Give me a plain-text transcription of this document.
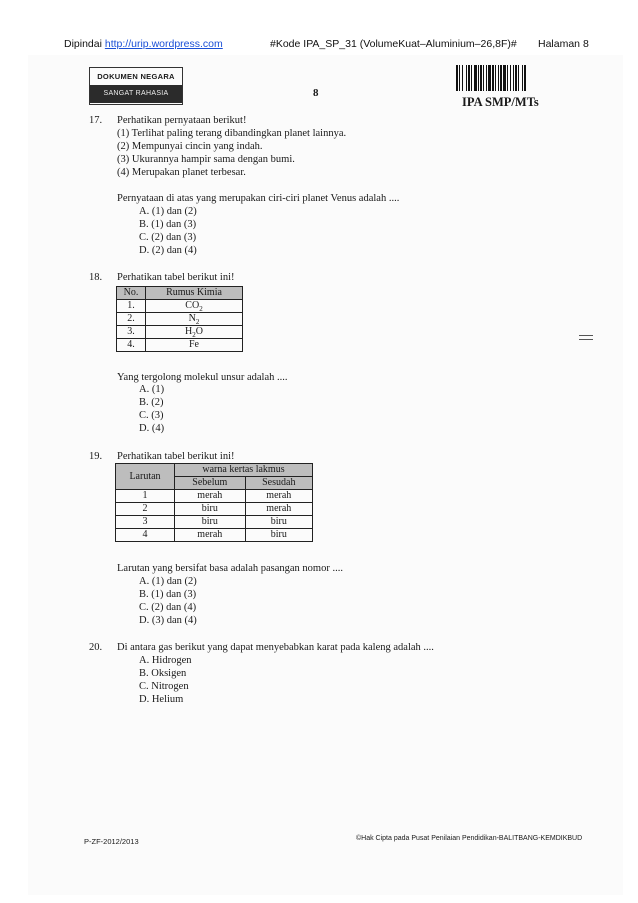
Dipindai http://urip.wordpress.com	#Kode IPA_SP_31 (VolumeKuat–Aluminium–26,8F)# Halaman 8
DOKUMEN NEGARA
SANGAT RAHASIA	8
IPA SMP/MTs
17. Perhatikan pernyataan berikut!
(1) Terlihat paling terang dibandingkan planet lainnya.
(2) Mempunyai cincin yang indah.
(3) Ukurannya hampir sama dengan bumi.
(4) Merupakan planet terbesar.
Pernyataan di atas yang merupakan ciri-ciri planet Venus adalah ....
A. (1) dan (2)
B. (1) dan (3)
C. (2) dan (3)
D. (2) dan (4)
18. Perhatikan tabel berikut ini!
No.	Rumus Kimia
1.	$CO_2$
2.	$N_2$
3.	$H_2O$
4.	Fe
Yang tergolong molekul unsur adalah ....
A. (1)
B. (2)
C. (3)
D. (4)
19. Perhatikan tabel berikut ini!
Larutan	warna kertas lakmus	
	Sebelum	Sesudah
1	merah	merah
2	biru	merah
3	biru	biru
4	merah	biru
Larutan yang bersifat basa adalah pasangan nomor ....
A. (1) dan (2)
B. (1) dan (3)
C. (2) dan (4)
D. (3) dan (4)
20. Di antara gas berikut yang dapat menyebabkan karat pada kaleng adalah ....
A. Hidrogen
B. Oksigen
C. Nitrogen
D. Helium
P-ZF-2012/2013	©Hak Cipta pada Pusat Penilaian Pendidikan-BALITBANG-KEMDIKBUD
